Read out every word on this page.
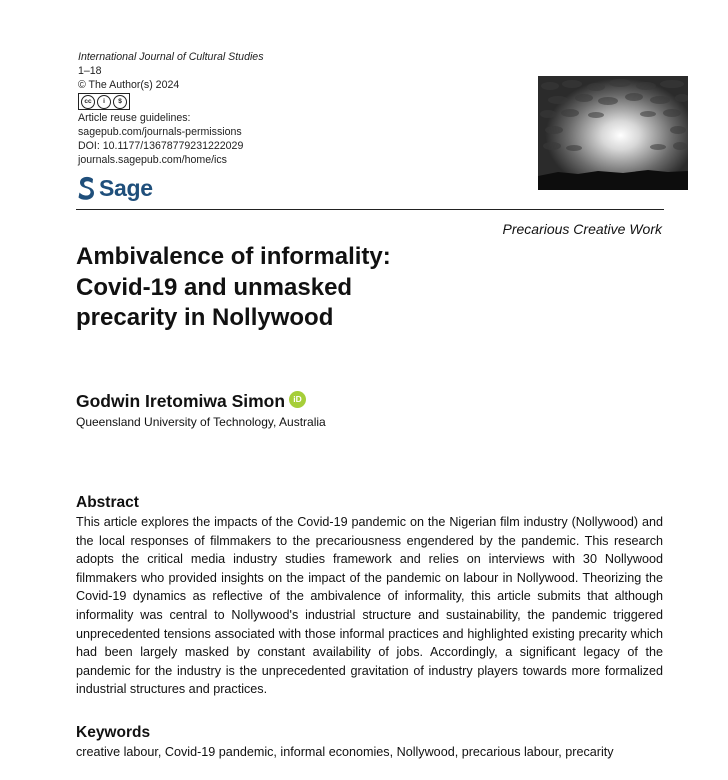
International Journal of Cultural Studies
1–18
© The Author(s) 2024
cc	i	$
Article reuse guidelines:
sagepub.com/journals-permissions
DOI: 10.1177/13678779231222029
journals.sagepub.com/home/ics
Sage
Precarious Creative Work
Ambivalence of informality:
Covid-19 and unmasked
precarity in Nollywood
Godwin Iretomiwa Simon iD
Queensland University of Technology, Australia
Abstract

This article explores the impacts of the Covid-19 pandemic on the Nigerian film industry (Nollywood) and the local responses of filmmakers to the precariousness engendered by the pandemic. This research adopts the critical media industry studies framework and relies on interviews with 30 Nollywood filmmakers who provided insights on the impact of the pandemic on labour in Nollywood. Theorizing the Covid-19 dynamics as reflective of the ambivalence of informality, this article submits that although informality was central to Nollywood's industrial structure and sustainability, the pandemic triggered unprecedented tensions associated with those informal practices and highlighted existing precarity which had been largely masked by constant availability of jobs. Accordingly, a significant legacy of the pandemic for the industry is the unprecedented gravitation of industry players towards more formalized industrial structures and practices.

Keywords

creative labour, Covid-19 pandemic, informal economies, Nollywood, precarious labour, precarity
